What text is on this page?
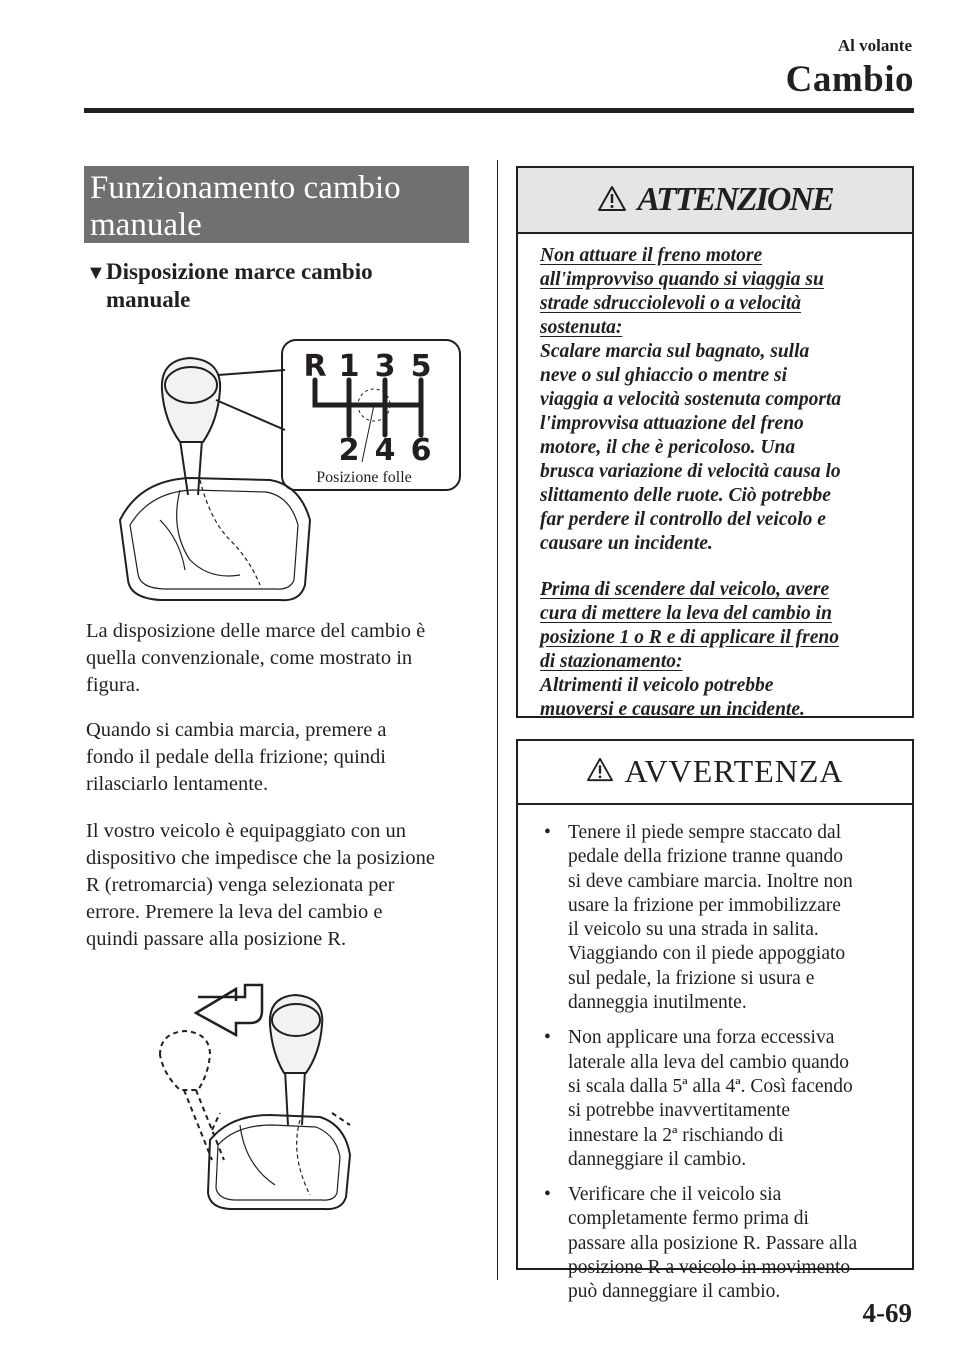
Al volante
Cambio
Funzionamento cambio
manuale
▼Disposizione marce cambio
manuale
R 1 3 5
2 4 6
Posizione folle
La disposizione delle marce del cambio è
quella convenzionale, come mostrato in
figura.
Quando si cambia marcia, premere a
fondo il pedale della frizione; quindi
rilasciarlo lentamente.
Il vostro veicolo è equipaggiato con un
dispositivo che impedisce che la posizione
R (retromarcia) venga selezionata per
errore. Premere la leva del cambio e
quindi passare alla posizione R.
ATTENZIONE
Non attuare il freno motore
all'improvviso quando si viaggia su
strade sdrucciolevoli o a velocità
sostenuta:
Scalare marcia sul bagnato, sulla
neve o sul ghiaccio o mentre si
viaggia a velocità sostenuta comporta
l'improvvisa attuazione del freno
motore, il che è pericoloso. Una
brusca variazione di velocità causa lo
slittamento delle ruote. Ciò potrebbe
far perdere il controllo del veicolo e
causare un incidente.
Prima di scendere dal veicolo, avere
cura di mettere la leva del cambio in
posizione 1 o R e di applicare il freno
di stazionamento:
Altrimenti il veicolo potrebbe
muoversi e causare un incidente.
AVVERTENZA
• Tenere il piede sempre staccato dal
pedale della frizione tranne quando
si deve cambiare marcia. Inoltre non
usare la frizione per immobilizzare
il veicolo su una strada in salita.
Viaggiando con il piede appoggiato
sul pedale, la frizione si usura e
danneggia inutilmente.
• Non applicare una forza eccessiva
laterale alla leva del cambio quando
si scala dalla 5ª alla 4ª. Così facendo
si potrebbe inavvertitamente
innestare la 2ª rischiando di
danneggiare il cambio.
• Verificare che il veicolo sia
completamente fermo prima di
passare alla posizione R. Passare alla
posizione R a veicolo in movimento
può danneggiare il cambio.
4-69
